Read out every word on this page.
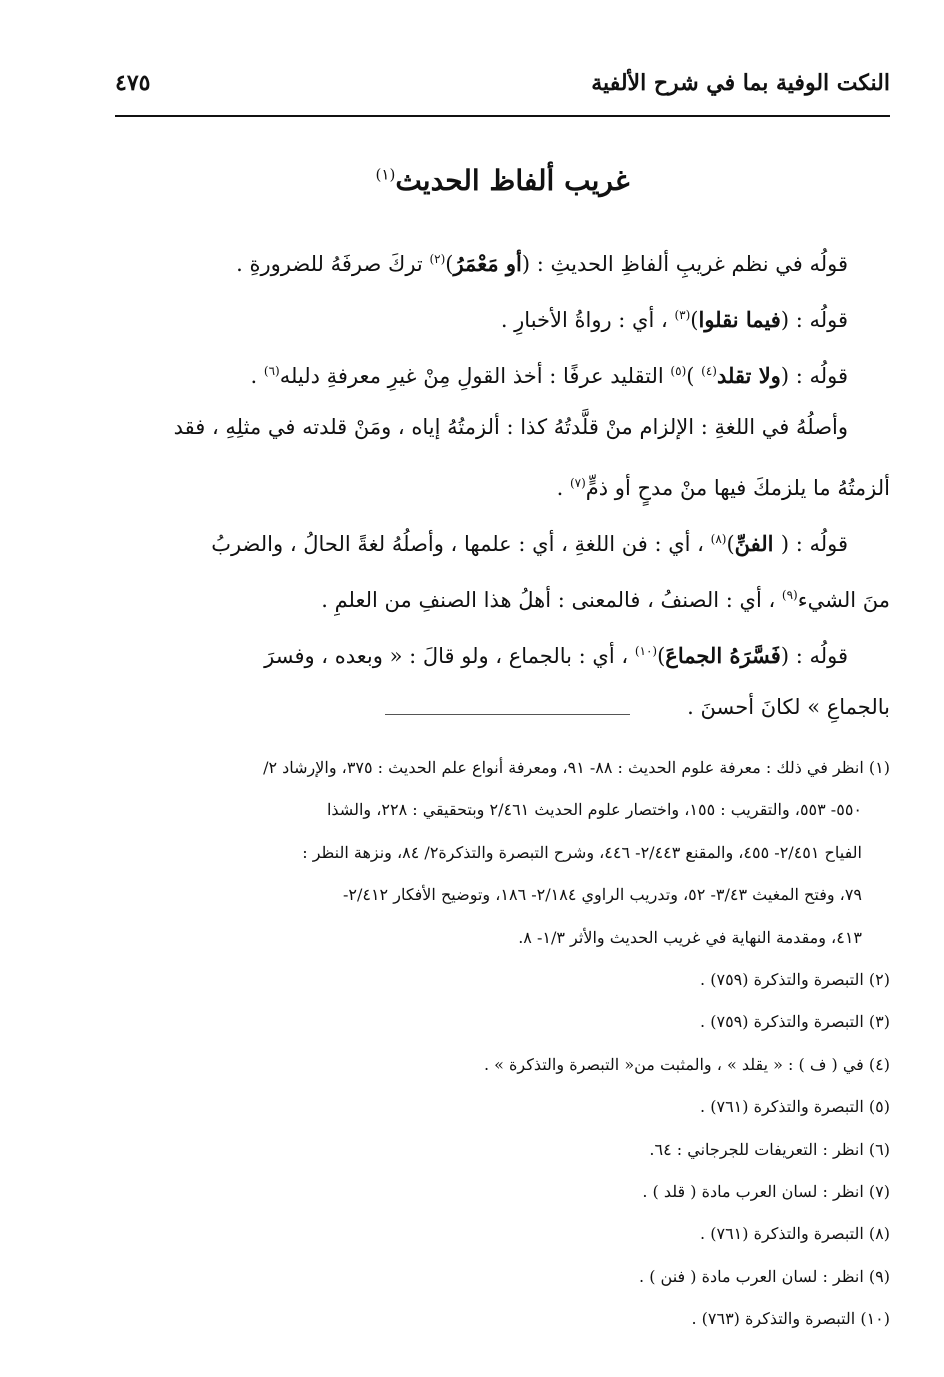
النكت الوفية بما في شرح الألفية
٤٧٥
غريب ألفاظ الحديث$^{(١)}$
قولُه في نظم غريبِ ألفاظِ الحديثِ : (أو مَعْمَرُ)$^{(٢)}$ تركَ صرفَهُ للضرورةِ .
قولُه : (فيما نقلوا)$^{(٣)}$ ، أي : رواةُ الأخبارِ .
قولُه : (ولا تقلد$^{(٤)}$ )$^{(٥)}$ التقليد عرفًا : أخذ القولِ مِنْ غيرِ معرفةِ دليله$^{(٦)}$ .
وأصلُهُ في اللغةِ : الإلزام منْ قلَّدتُهُ كذا : ألزمتُهُ إياه ، ومَنْ قلدته في مثلِهِ ، فقد
ألزمتُهُ ما يلزمكَ فيها منْ مدحٍ أو ذمٍّ$^{(٧)}$ .
قولُه : ( الفنِّ)$^{(٨)}$ ، أي : فن اللغةِ ، أي : علمها ، وأصلُهُ لغةً الحالُ ، والضربُ
منَ الشيء$^{(٩)}$ ، أي : الصنفُ ، فالمعنى : أهلُ هذا الصنفِ من العلمِ .
قولُه : (فَسَّرَهُ الجماعَ)$^{(١٠)}$ ، أي : بالجماع ، ولو قالَ : « وبعده ، وفسرَ
بالجماعِ » لكانَ أحسنَ .
(١) انظر في ذلك : معرفة علوم الحديث : ٨٨- ٩١، ومعرفة أنواع علم الحديث : ٣٧٥، والإرشاد ٢/
٥٥٠- ٥٥٣، والتقريب : ١٥٥، واختصار علوم الحديث ٢/٤٦١ وبتحقيقي : ٢٢٨، والشذا
الفياح ٢/٤٥١- ٤٥٥، والمقنع ٢/٤٤٣- ٤٤٦، وشرح التبصرة والتذكرة٢/ ٨٤، ونزهة النظر :
٧٩، وفتح المغيث ٣/٤٣- ٥٢، وتدريب الراوي ٢/١٨٤- ١٨٦، وتوضيح الأفكار ٢/٤١٢-
٤١٣، ومقدمة النهاية في غريب الحديث والأثر ١/٣- ٨.
(٢) التبصرة والتذكرة (٧٥٩) .
(٣) التبصرة والتذكرة (٧٥٩) .
(٤) في ( ف ) : « يقلد » ، والمثبت من« التبصرة والتذكرة » .
(٥) التبصرة والتذكرة (٧٦١) .
(٦) انظر : التعريفات للجرجاني : ٦٤.
(٧) انظر : لسان العرب مادة ( قلد ) .
(٨) التبصرة والتذكرة (٧٦١) .
(٩) انظر : لسان العرب مادة ( فنن ) .
(١٠) التبصرة والتذكرة (٧٦٣) .
